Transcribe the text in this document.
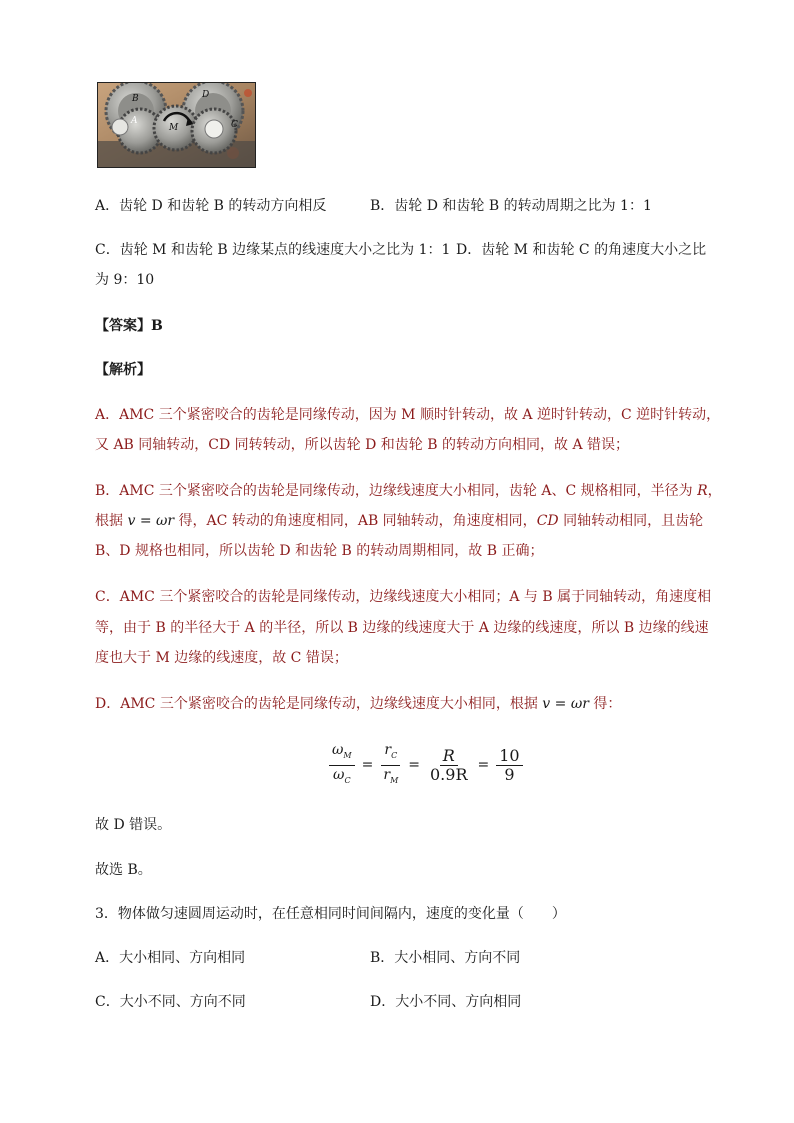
B	D
M	C
A
A．齿轮 D 和齿轮 B 的转动方向相反	B．齿轮 D 和齿轮 B 的转动周期之比为 1：1
C．齿轮 M 和齿轮 B 边缘某点的线速度大小之比为 1：1 D．齿轮 M 和齿轮 C 的角速度大小之比
为 9：10
【答案】B
【解析】
A．AMC 三个紧密咬合的齿轮是同缘传动，因为 M 顺时针转动，故 A 逆时针转动，C 逆时针转动，
又 AB 同轴转动，CD 同转转动，所以齿轮 D 和齿轮 B 的转动方向相同，故 A 错误；
B．AMC 三个紧密咬合的齿轮是同缘传动，边缘线速度大小相同，齿轮 A、C 规格相同，半径为 R，
根据 v = ωr 得，AC 转动的角速度相同，AB 同轴转动，角速度相同，CD 同轴转动相同，且齿轮
B、D 规格也相同，所以齿轮 D 和齿轮 B 的转动周期相同，故 B 正确；
C．AMC 三个紧密咬合的齿轮是同缘传动，边缘线速度大小相同；A 与 B 属于同轴转动，角速度相
等，由于 B 的半径大于 A 的半径，所以 B 边缘的线速度大于 A 边缘的线速度，所以 B 边缘的线速
度也大于 M 边缘的线速度，故 C 错误；
D．AMC 三个紧密咬合的齿轮是同缘传动，边缘线速度大小相同，根据 v = ωr 得：
$\frac{\omega_M}{\omega_C} = \frac{r_C}{r_M} = \frac{R}{0.9R} = \frac{10}{9}$
故 D 错误。
故选 B。
3．物体做匀速圆周运动时，在任意相同时间间隔内，速度的变化量（　　）
A．大小相同、方向相同	B．大小相同、方向不同
C．大小不同、方向不同	D．大小不同、方向相同
